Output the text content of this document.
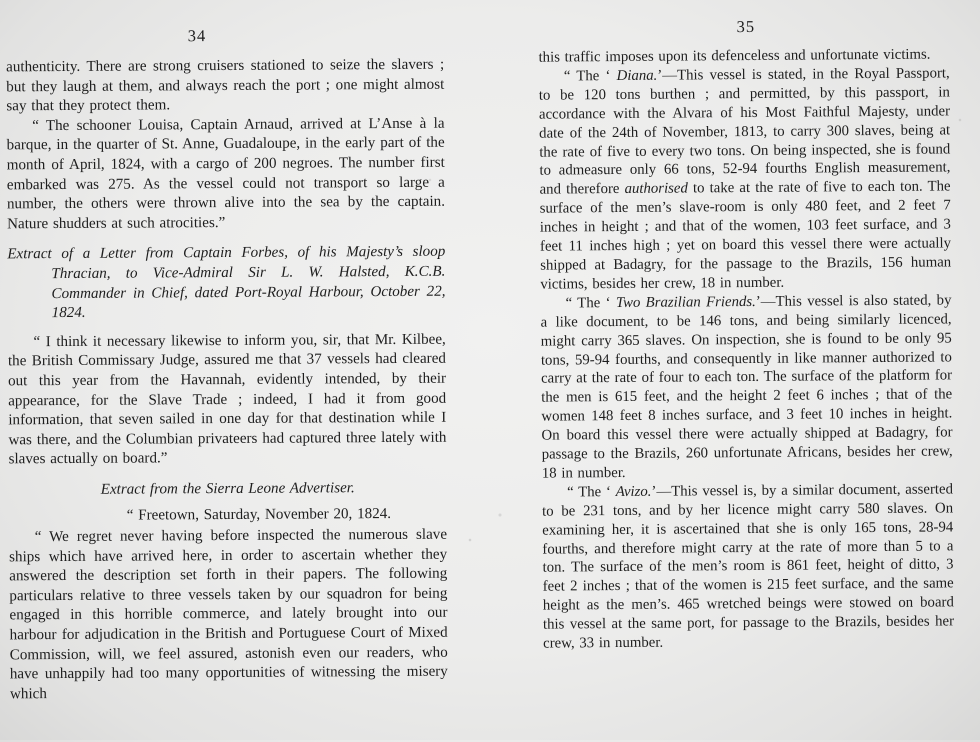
34

authenticity. There are strong cruisers stationed to seize the slavers ; but they laugh at them, and always reach the port ; one might almost say that they protect them.

“ The schooner Louisa, Captain Arnaud, arrived at L’Anse à la barque, in the quarter of St. Anne, Guadaloupe, in the early part of the month of April, 1824, with a cargo of 200 negroes. The number first embarked was 275. As the vessel could not transport so large a number, the others were thrown alive into the sea by the captain. Nature shudders at such atrocities.”

Extract of a Letter from Captain Forbes, of his Majesty’s sloop Thracian, to Vice-Admiral Sir L. W. Halsted, K.C.B. Commander in Chief, dated Port-Royal Harbour, October 22, 1824.

“ I think it necessary likewise to inform you, sir, that Mr. Kilbee, the British Commissary Judge, assured me that 37 vessels had cleared out this year from the Havannah, evidently intended, by their appearance, for the Slave Trade ; indeed, I had it from good information, that seven sailed in one day for that destination while I was there, and the Columbian privateers had captured three lately with slaves actually on board.”

Extract from the Sierra Leone Advertiser.

“ Freetown, Saturday, November 20, 1824.

“ We regret never having before inspected the numerous slave ships which have arrived here, in order to ascertain whether they answered the description set forth in their papers. The following particulars relative to three vessels taken by our squadron for being engaged in this horrible commerce, and lately brought into our harbour for adjudication in the British and Portuguese Court of Mixed Commission, will, we feel assured, astonish even our readers, who have unhappily had too many opportunities of witnessing the misery which

35

this traffic imposes upon its defenceless and unfortunate victims.

“ The ‘ Diana.’—This vessel is stated, in the Royal Passport, to be 120 tons burthen ; and permitted, by this passport, in accordance with the Alvara of his Most Faithful Majesty, under date of the 24th of November, 1813, to carry 300 slaves, being at the rate of five to every two tons. On being inspected, she is found to admeasure only 66 tons, 52-94 fourths English measurement, and therefore authorised to take at the rate of five to each ton. The surface of the men’s slave-room is only 480 feet, and 2 feet 7 inches in height ; and that of the women, 103 feet surface, and 3 feet 11 inches high ; yet on board this vessel there were actually shipped at Badagry, for the passage to the Brazils, 156 human victims, besides her crew, 18 in number.

“ The ‘ Two Brazilian Friends.’—This vessel is also stated, by a like document, to be 146 tons, and being similarly licenced, might carry 365 slaves. On inspection, she is found to be only 95 tons, 59-94 fourths, and consequently in like manner authorized to carry at the rate of four to each ton. The surface of the platform for the men is 615 feet, and the height 2 feet 6 inches ; that of the women 148 feet 8 inches surface, and 3 feet 10 inches in height. On board this vessel there were actually shipped at Badagry, for passage to the Brazils, 260 unfortunate Africans, besides her crew, 18 in number.

“ The ‘ Avizo.’—This vessel is, by a similar document, asserted to be 231 tons, and by her licence might carry 580 slaves. On examining her, it is ascertained that she is only 165 tons, 28-94 fourths, and therefore might carry at the rate of more than 5 to a ton. The surface of the men’s room is 861 feet, height of ditto, 3 feet 2 inches ; that of the women is 215 feet surface, and the same height as the men’s. 465 wretched beings were stowed on board this vessel at the same port, for passage to the Brazils, besides her crew, 33 in number.
